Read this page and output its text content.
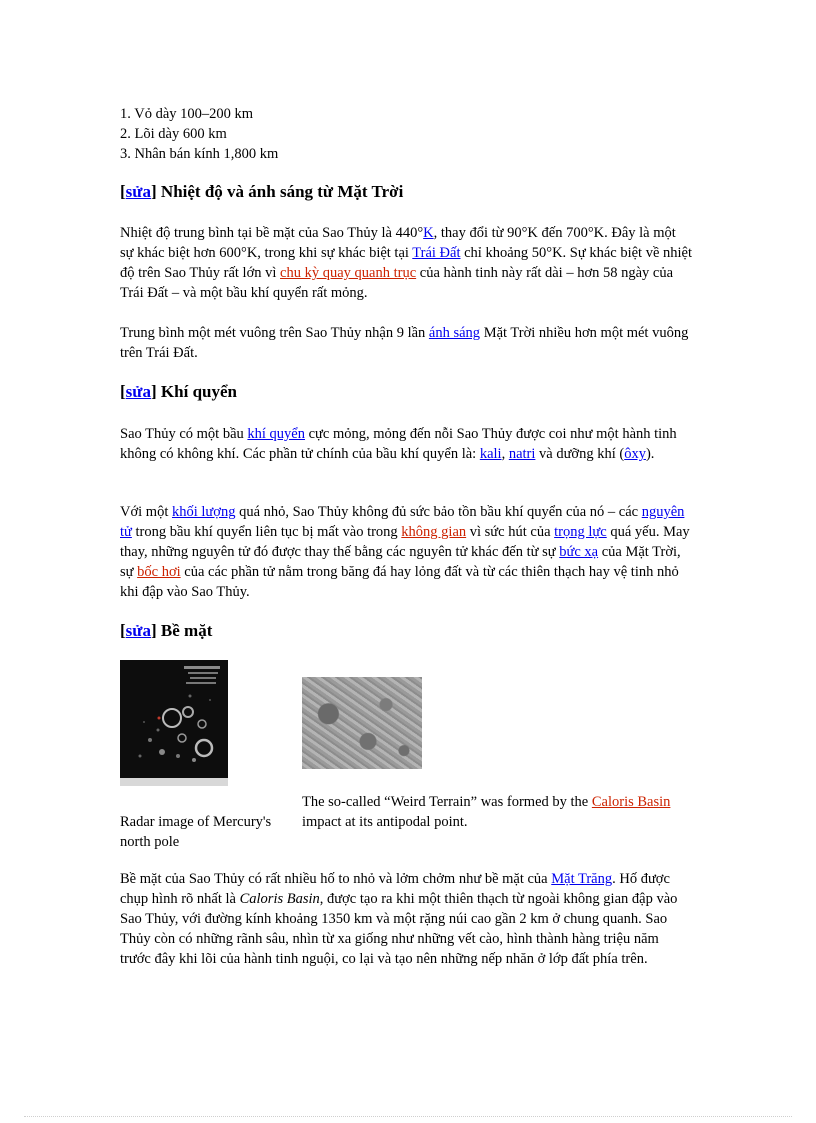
1. Vỏ dày 100–200 km
2. Lõi dày 600 km
3. Nhân bán kính 1,800 km
[sửa] Nhiệt độ và ánh sáng từ Mặt Trời
Nhiệt độ trung bình tại bề mặt của Sao Thủy là 440°K, thay đổi từ 90°K đến 700°K. Đây là một sự khác biệt hơn 600°K, trong khi sự khác biệt tại Trái Đất chỉ khoảng 50°K. Sự khác biệt về nhiệt độ trên Sao Thủy rất lớn vì chu kỳ quay quanh trục của hành tinh này rất dài – hơn 58 ngày của Trái Đất – và một bầu khí quyển rất mỏng.
Trung bình một mét vuông trên Sao Thủy nhận 9 lần ánh sáng Mặt Trời nhiều hơn một mét vuông trên Trái Đất.
[sửa] Khí quyển
Sao Thủy có một bầu khí quyển cực mỏng, mỏng đến nỗi Sao Thủy được coi như một hành tinh không có không khí. Các phần tử chính của bầu khí quyển là: kali, natri và dưỡng khí (ôxy).
Với một khối lượng quá nhỏ, Sao Thủy không đủ sức bảo tồn bầu khí quyển của nó – các nguyên tử trong bầu khí quyển liên tục bị mất vào trong không gian vì sức hút của trọng lực quá yếu. May thay, những nguyên tử đó được thay thế bằng các nguyên tử khác đến từ sự bức xạ của Mặt Trời, sự bốc hơi của các phần tử nằm trong băng đá hay lỏng đất và từ các thiên thạch hay vệ tinh nhỏ khi đập vào Sao Thủy.
[sửa] Bề mặt
Radar image of Mercury's north pole
The so-called “Weird Terrain” was formed by the Caloris Basin impact at its antipodal point.
Bề mặt của Sao Thủy có rất nhiều hố to nhỏ và lởm chởm như bề mặt của Mặt Trăng. Hố được chụp hình rõ nhất là Caloris Basin, được tạo ra khi một thiên thạch từ ngoài không gian đập vào Sao Thủy, với đường kính khoảng 1350 km và một rặng núi cao gần 2 km ở chung quanh. Sao Thủy còn có những rãnh sâu, nhìn từ xa giống như những vết cào, hình thành hàng triệu năm trước đây khi lõi của hành tinh nguội, co lại và tạo nên những nếp nhăn ở lớp đất phía trên.
